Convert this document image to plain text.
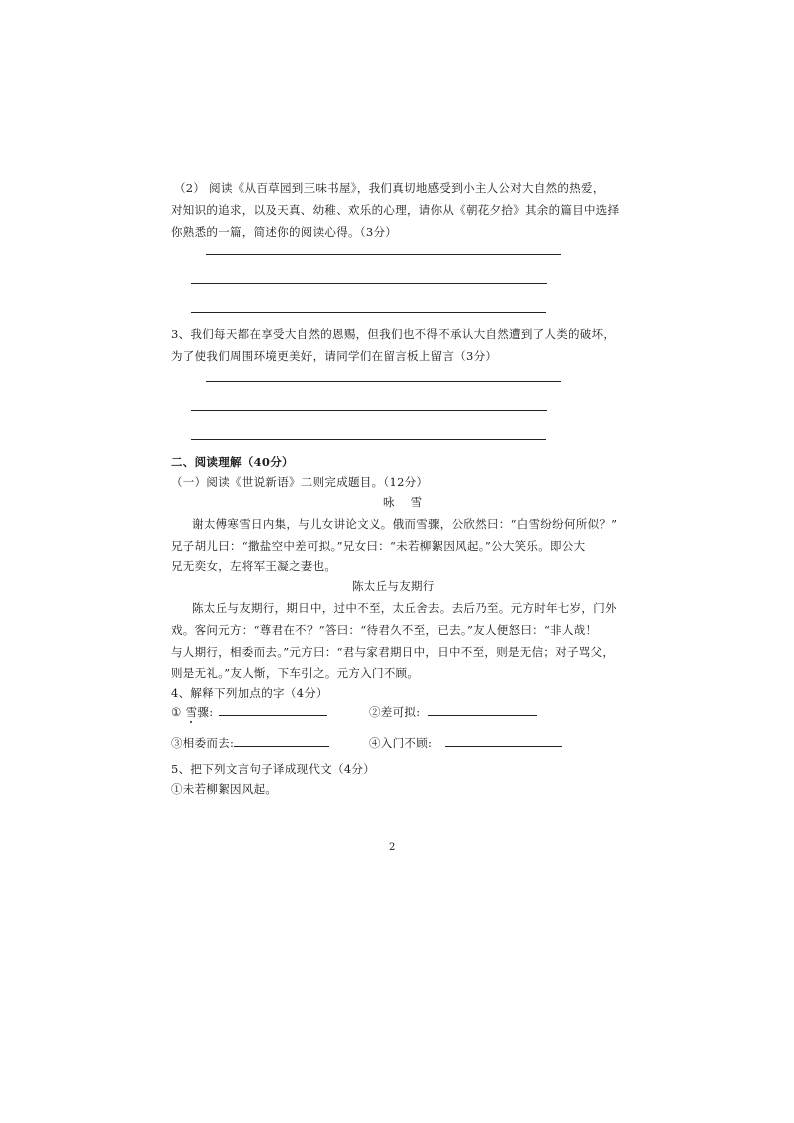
（2） 阅读《从百草园到三味书屋》，我们真切地感受到小主人公对大自然的热爱，
对知识的追求，以及天真、幼稚、欢乐的心理，请你从《朝花夕拾》其余的篇目中选择
你熟悉的一篇，简述你的阅读心得。（3分）
3、我们每天都在享受大自然的恩赐，但我们也不得不承认大自然遭到了人类的破坏，
为了使我们周围环境更美好，请同学们在留言板上留言（3分）
二、阅读理解（40分）
（一）阅读《世说新语》二则完成题目。（12分）
咏    雪
谢太傅寒雪日内集，与儿女讲论文义。俄而雪骤，公欣然曰：“白雪纷纷何所似？”
兄子胡儿曰：“撒盐空中差可拟。”兄女曰：“未若柳絮因风起。”公大笑乐。即公大
兄无奕女，左将军王凝之妻也。
陈太丘与友期行
陈太丘与友期行，期日中，过中不至，太丘舍去。去后乃至。元方时年七岁，门外
戏。客问元方：“尊君在不？”答曰：“待君久不至，已去。”友人便怒曰：“非人哉！
与人期行，相委而去。”元方曰：“君与家君期日中，日中不至，则是无信；对子骂父，
则是无礼。”友人惭，下车引之。元方入门不顾。
4、解释下列加点的字（4分）
① 雪骤:	②差可拟:
③相委而去:	④入门不顾:
5、把下列文言句子译成现代文（4分）
①未若柳絮因风起。
2
